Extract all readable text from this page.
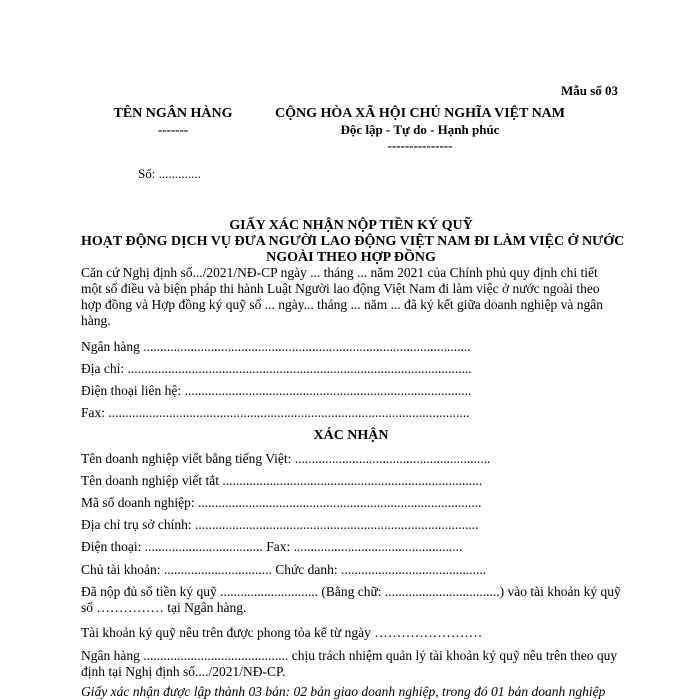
Mẫu số 03
TÊN NGÂN HÀNG
-------
CỘNG HÒA XÃ HỘI CHỦ NGHĨA VIỆT NAM
Độc lập - Tự do - Hạnh phúc
---------------
Số: .............
GIẤY XÁC NHẬN NỘP TIỀN KÝ QUỸ
HOẠT ĐỘNG DỊCH VỤ ĐƯA NGƯỜI LAO ĐỘNG VIỆT NAM ĐI LÀM VIỆC Ở NƯỚC
NGOÀI THEO HỢP ĐỒNG
Căn cứ Nghị định số.../2021/NĐ-CP ngày ... tháng ... năm 2021 của Chính phủ quy định chi tiết một số điều và biện pháp thi hành Luật Người lao động Việt Nam đi làm việc ở nước ngoài theo hợp đồng và Hợp đồng ký quỹ số ... ngày... tháng ... năm ... đã ký kết giữa doanh nghiệp và ngân hàng.
Ngân hàng .................................................................................................
Địa chỉ: ......................................................................................................
Điện thoại liên hệ: .....................................................................................
Fax: ...........................................................................................................
XÁC NHẬN
Tên doanh nghiệp viết bằng tiếng Việt: ..........................................................
Tên doanh nghiệp viết tắt .............................................................................
Mã số doanh nghiệp: ....................................................................................
Địa chỉ trụ sở chính: ....................................................................................
Điện thoại: ................................... Fax: ..................................................
Chủ tài khoản: ................................ Chức danh: ...........................................
Đã nộp đủ số tiền ký quỹ ............................. (Bằng chữ: ..................................) vào tài khoản ký quỹ số …………… tại Ngân hàng.
Tài khoản ký quỹ nêu trên được phong tỏa kể từ ngày ……………………
Ngân hàng ........................................... chịu trách nhiệm quản lý tài khoản ký quỹ nêu trên theo quy định tại Nghị định số..../2021/NĐ-CP.
Giấy xác nhận được lập thành 03 bản: 02 bản giao doanh nghiệp, trong đó 01 bản doanh nghiệp
